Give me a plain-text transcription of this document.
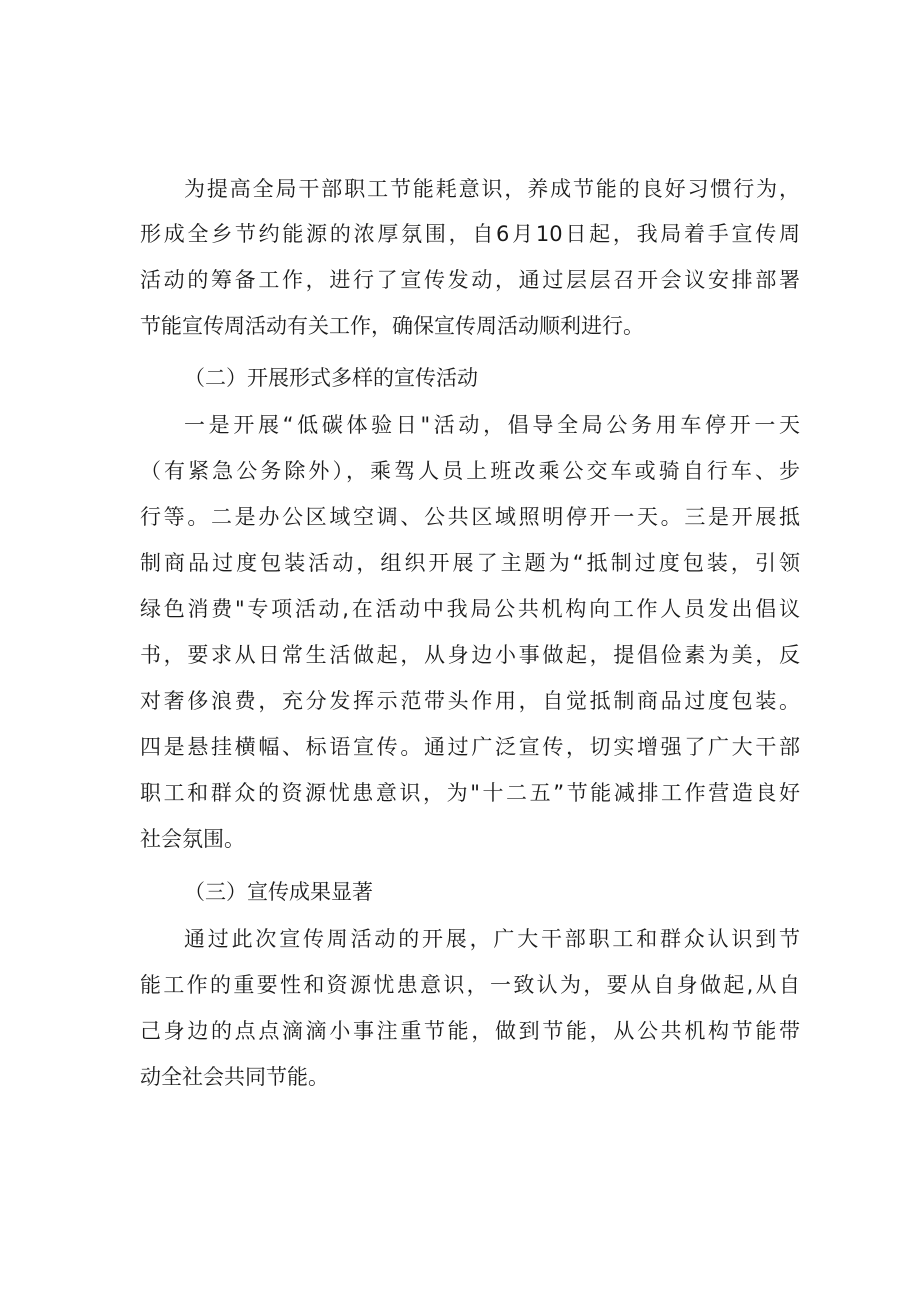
为提高全局干部职工节能耗意识，养成节能的良好习惯行为，

形成全乡节约能源的浓厚氛围，自6月10日起，我局着手宣传周

活动的筹备工作，进行了宣传发动，通过层层召开会议安排部署

节能宣传周活动有关工作，确保宣传周活动顺利进行。

（二）开展形式多样的宣传活动

一是开展“低碳体验日"活动，倡导全局公务用车停开一天

（有紧急公务除外），乘驾人员上班改乘公交车或骑自行车、步

行等。二是办公区域空调、公共区域照明停开一天。三是开展抵

制商品过度包装活动，组织开展了主题为“抵制过度包装，引领

绿色消费"专项活动,在活动中我局公共机构向工作人员发出倡议

书，要求从日常生活做起，从身边小事做起，提倡俭素为美，反

对奢侈浪费，充分发挥示范带头作用，自觉抵制商品过度包装。

四是悬挂横幅、标语宣传。通过广泛宣传，切实增强了广大干部

职工和群众的资源忧患意识，为"十二五”节能减排工作营造良好

社会氛围。

（三）宣传成果显著

通过此次宣传周活动的开展，广大干部职工和群众认识到节

能工作的重要性和资源忧患意识，一致认为，要从自身做起,从自

己身边的点点滴滴小事注重节能，做到节能，从公共机构节能带

动全社会共同节能。
